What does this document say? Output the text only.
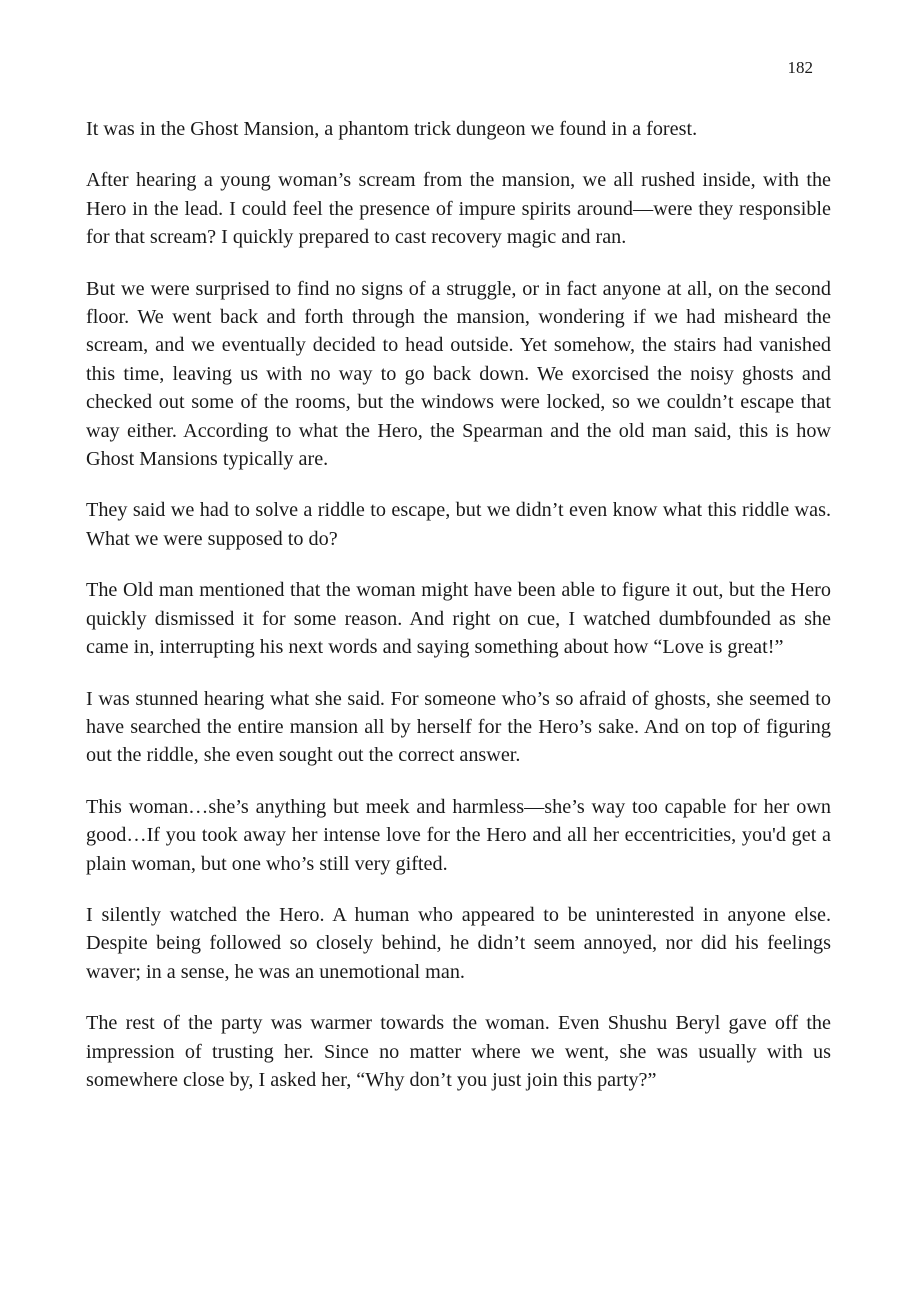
182

It was in the Ghost Mansion, a phantom trick dungeon we found in a forest.

After hearing a young woman’s scream from the mansion, we all rushed inside, with the Hero in the lead. I could feel the presence of impure spirits around—were they responsible for that scream? I quickly prepared to cast recovery magic and ran.

But we were surprised to find no signs of a struggle, or in fact anyone at all, on the second floor. We went back and forth through the mansion, wondering if we had misheard the scream, and we eventually decided to head outside. Yet somehow, the stairs had vanished this time, leaving us with no way to go back down. We exorcised the noisy ghosts and checked out some of the rooms, but the windows were locked, so we couldn’t escape that way either. According to what the Hero, the Spearman and the old man said, this is how Ghost Mansions typically are.

They said we had to solve a riddle to escape, but we didn’t even know what this riddle was. What we were supposed to do?

The Old man mentioned that the woman might have been able to figure it out, but the Hero quickly dismissed it for some reason. And right on cue, I watched dumbfounded as she came in, interrupting his next words and saying something about how “Love is great!”

I was stunned hearing what she said. For someone who’s so afraid of ghosts, she seemed to have searched the entire mansion all by herself for the Hero’s sake. And on top of figuring out the riddle, she even sought out the correct answer.

This woman…she’s anything but meek and harmless—she’s way too capable for her own good…If you took away her intense love for the Hero and all her eccentricities, you'd get a plain woman, but one who’s still very gifted.

I silently watched the Hero. A human who appeared to be uninterested in anyone else. Despite being followed so closely behind, he didn’t seem annoyed, nor did his feelings waver; in a sense, he was an unemotional man.

The rest of the party was warmer towards the woman. Even Shushu Beryl gave off the impression of trusting her. Since no matter where we went, she was usually with us somewhere close by, I asked her, “Why don’t you just join this party?”
